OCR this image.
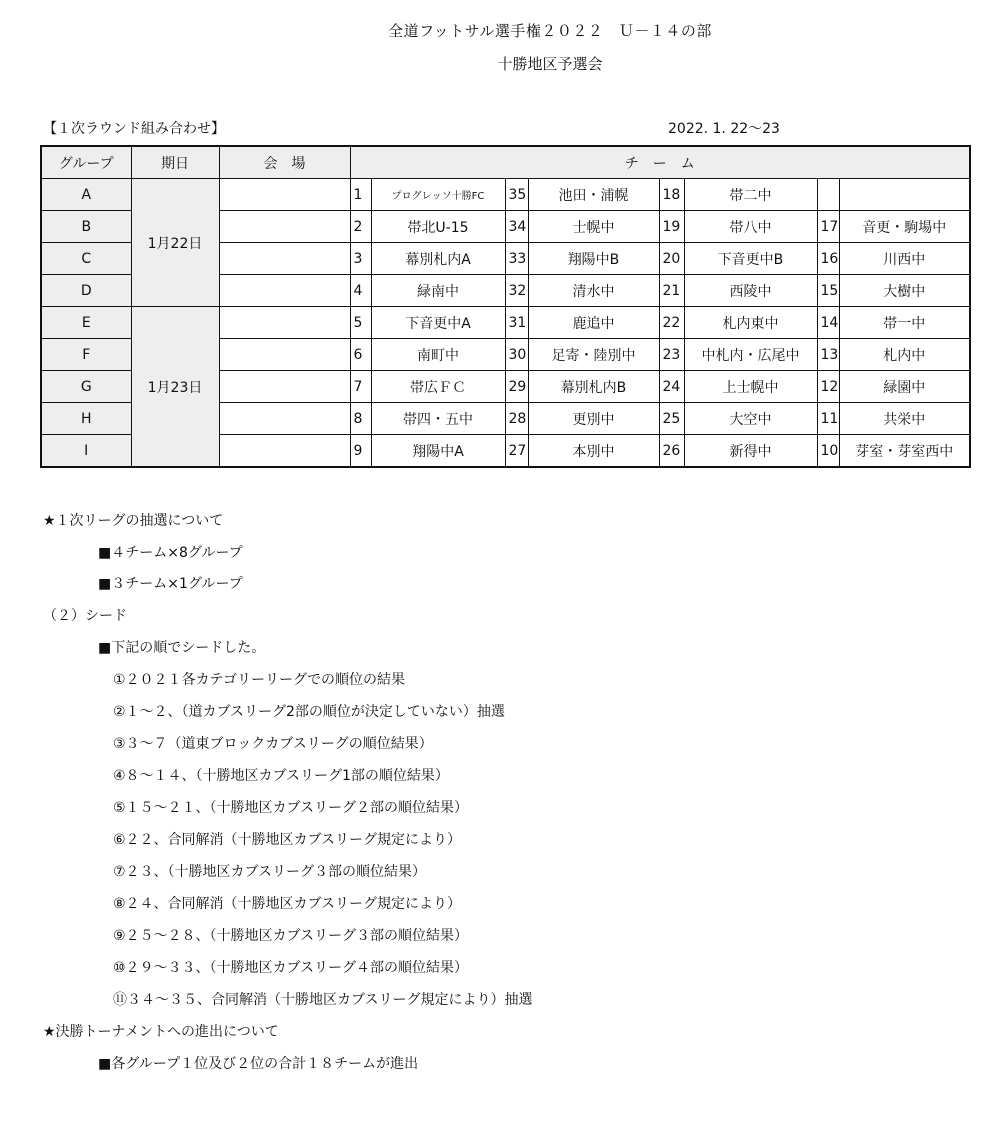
全道フットサル選手権２０２２　Ｕ－１４の部
十勝地区予選会
【１次ラウンド組み合わせ】	2022. 1. 22～23
グループ	期日	会　場	チ　ー　ム							
A	1月22日		1	プログレッソ十勝FC	35	池田・浦幌	18	帯二中		
B			2	帯北U-15	34	士幌中	19	帯八中	17	音更・駒場中
C			3	幕別札内A	33	翔陽中B	20	下音更中B	16	川西中
D			4	緑南中	32	清水中	21	西陵中	15	大樹中
E	1月23日		5	下音更中A	31	鹿追中	22	札内東中	14	帯一中
F			6	南町中	30	足寄・陸別中	23	中札内・広尾中	13	札内中
G			7	帯広ＦＣ	29	幕別札内B	24	上士幌中	12	緑園中
H			8	帯四・五中	28	更別中	25	大空中	11	共栄中
I			9	翔陽中A	27	本別中	26	新得中	10	芽室・芽室西中
★１次リーグの抽選について
■４チーム×8グループ
■３チーム×1グループ
（２）シード
■下記の順でシードした。
①２０２１各カテゴリーリーグでの順位の結果
②１～２、（道カブスリーグ2部の順位が決定していない）抽選
③３～７（道東ブロックカブスリーグの順位結果）
④８～１４、（十勝地区カブスリーグ1部の順位結果）
⑤１５～２１、（十勝地区カブスリーグ２部の順位結果）
⑥２２、合同解消（十勝地区カブスリーグ規定により）
⑦２３、（十勝地区カブスリーグ３部の順位結果）
⑧２４、合同解消（十勝地区カブスリーグ規定により）
⑨２５～２８、（十勝地区カブスリーグ３部の順位結果）
⑩２９～３３、（十勝地区カブスリーグ４部の順位結果）
⑪３４～３５、合同解消（十勝地区カブスリーグ規定により）抽選
★決勝トーナメントへの進出について
■各グループ１位及び２位の合計１８チームが進出
